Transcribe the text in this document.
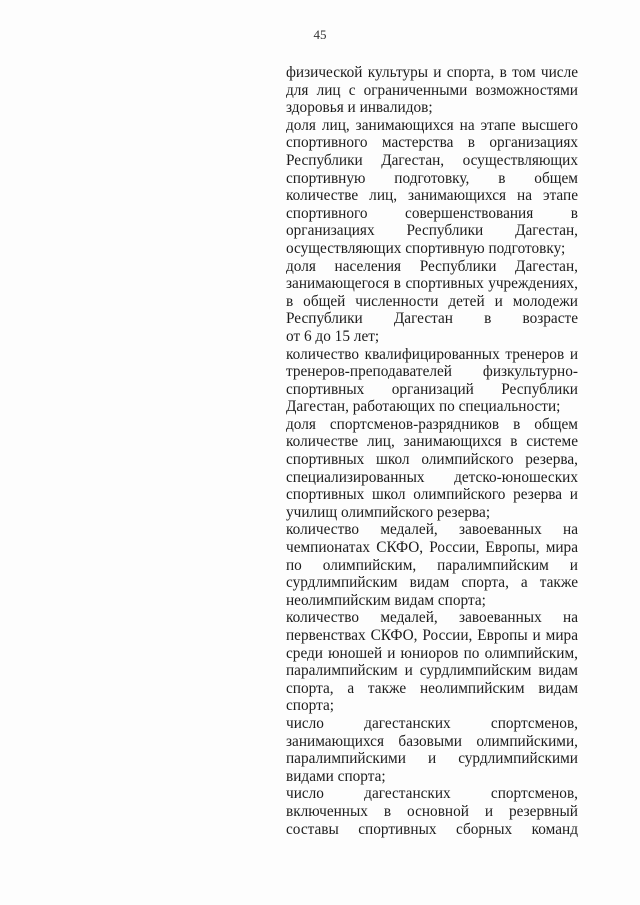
45
физической культуры и спорта, в том числе
для лиц с ограниченными возможностями
здоровья и инвалидов;
доля лиц, занимающихся на этапе высшего
спортивного мастерства в организациях
Республики Дагестан, осуществляющих
спортивную подготовку, в общем
количестве лиц, занимающихся на этапе
спортивного совершенствования в
организациях Республики Дагестан,
осуществляющих спортивную подготовку;
доля населения Республики Дагестан,
занимающегося в спортивных учреждениях,
в общей численности детей и молодежи
Республики Дагестан в возрасте
от 6 до 15 лет;
количество квалифицированных тренеров и
тренеров-преподавателей физкультурно-
спортивных организаций Республики
Дагестан, работающих по специальности;
доля спортсменов-разрядников в общем
количестве лиц, занимающихся в системе
спортивных школ олимпийского резерва,
специализированных детско-юношеских
спортивных школ олимпийского резерва и
училищ олимпийского резерва;
количество медалей, завоеванных на
чемпионатах СКФО, России, Европы, мира
по олимпийским, паралимпийским и
сурдлимпийским видам спорта, а также
неолимпийским видам спорта;
количество медалей, завоеванных на
первенствах СКФО, России, Европы и мира
среди юношей и юниоров по олимпийским,
паралимпийским и сурдлимпийским видам
спорта, а также неолимпийским видам
спорта;
число дагестанских спортсменов,
занимающихся базовыми олимпийскими,
паралимпийскими и сурдлимпийскими
видами спорта;
число дагестанских спортсменов,
включенных в основной и резервный
составы спортивных сборных команд
